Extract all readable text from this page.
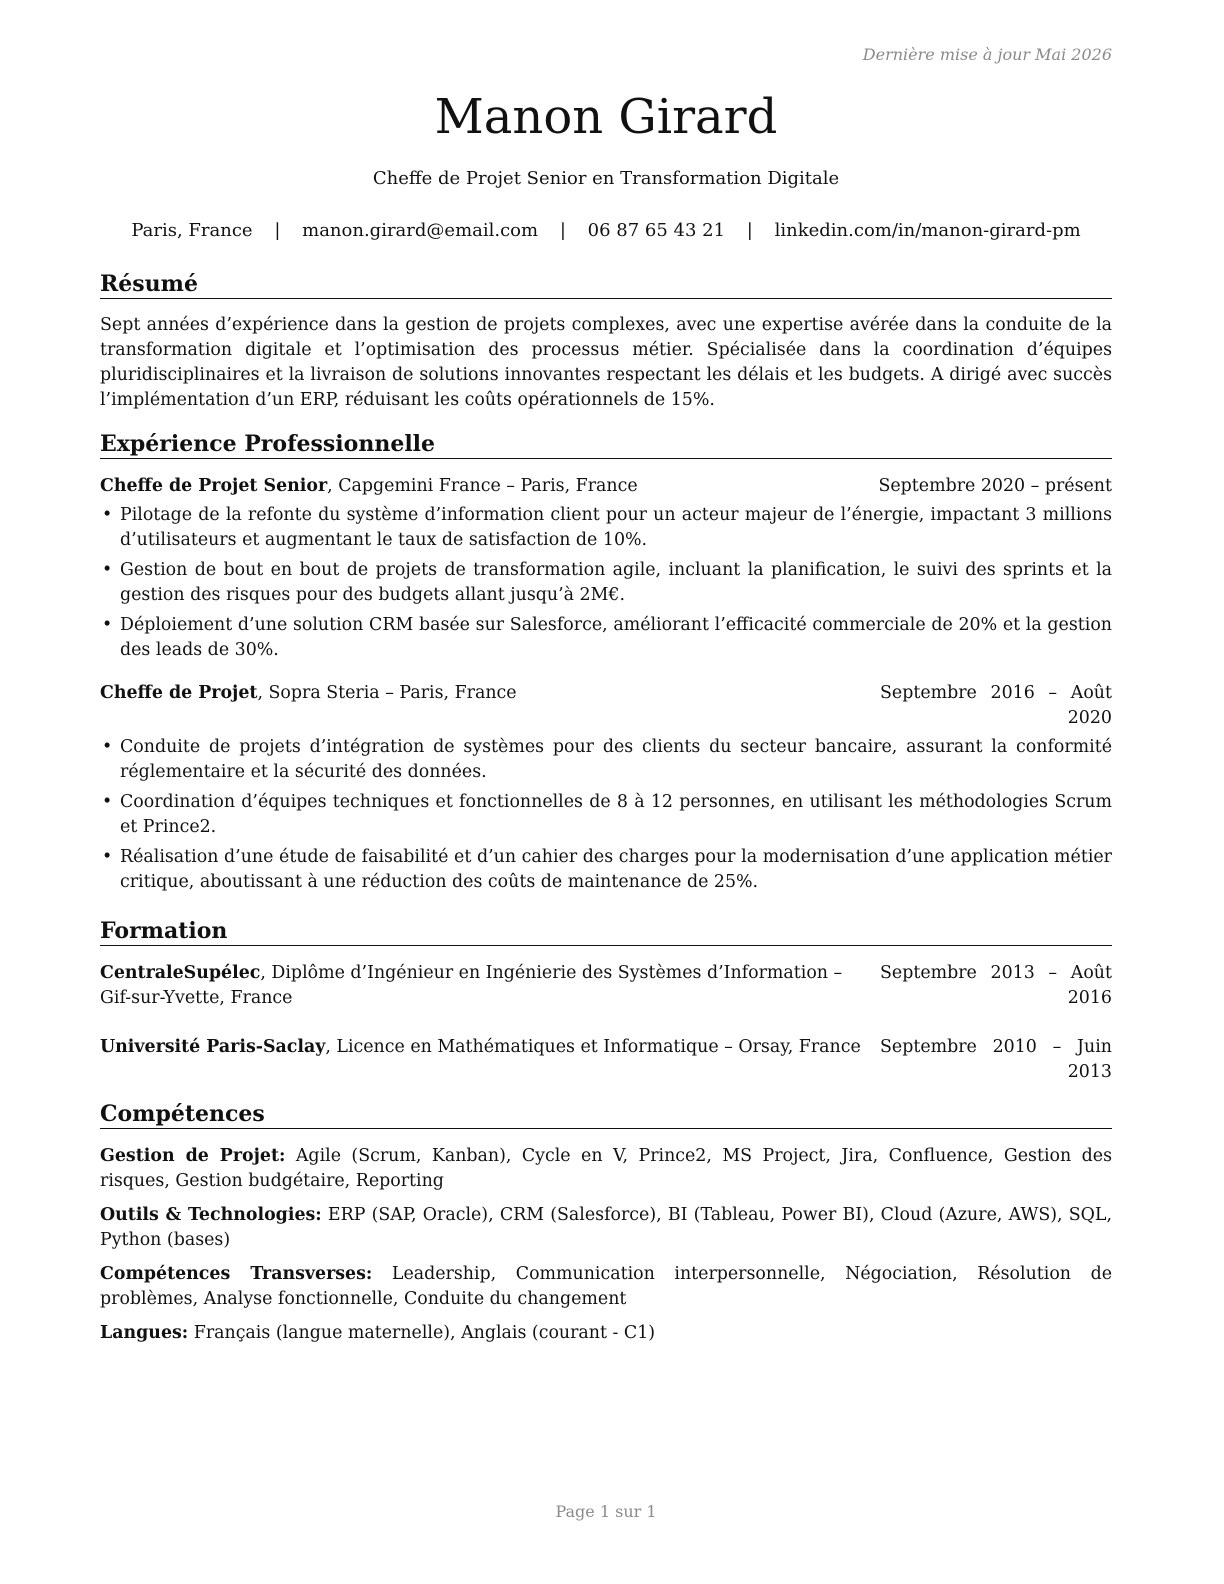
Dernière mise à jour Mai 2026
Manon Girard
Cheffe de Projet Senior en Transformation Digitale
Paris, France | manon.girard@email.com | 06 87 65 43 21 | linkedin.com/in/manon-girard-pm
Résumé

Sept années d’expérience dans la gestion de projets complexes, avec une expertise avérée dans la conduite de la transformation digitale et l’optimisation des processus métier. Spécialisée dans la coordination d’équipes pluridisciplinaires et la livraison de solutions innovantes respectant les délais et les budgets. A dirigé avec succès l’implémentation d’un ERP, réduisant les coûts opérationnels de 15%.

Expérience Professionnelle
Cheffe de Projet Senior, Capgemini France – Paris, France	Septembre 2020 – présent
• Pilotage de la refonte du système d’information client pour un acteur majeur de l’énergie, impactant 3 millions d’utilisateurs et augmentant le taux de satisfaction de 10%.
• Gestion de bout en bout de projets de transformation agile, incluant la planification, le suivi des sprints et la gestion des risques pour des budgets allant jusqu’à 2M€.
• Déploiement d’une solution CRM basée sur Salesforce, améliorant l’efficacité commerciale de 20% et la gestion des leads de 30%.
Cheffe de Projet, Sopra Steria – Paris, France	Septembre 2016 – Août 2020
• Conduite de projets d’intégration de systèmes pour des clients du secteur bancaire, assurant la conformité réglementaire et la sécurité des données.
• Coordination d’équipes techniques et fonctionnelles de 8 à 12 personnes, en utilisant les méthodologies Scrum et Prince2.
• Réalisation d’une étude de faisabilité et d’un cahier des charges pour la modernisation d’une application métier critique, aboutissant à une réduction des coûts de maintenance de 25%.
Formation
CentraleSupélec, Diplôme d’Ingénieur en Ingénierie des Systèmes d’Information – Gif-sur-Yvette, France
Septembre 2013 – Août 2016
Université Paris-Saclay, Licence en Mathématiques et Informatique – Orsay, France	Septembre 2010 – Juin 2013
Compétences
Gestion de Projet: Agile (Scrum, Kanban), Cycle en V, Prince2, MS Project, Jira, Confluence, Gestion des risques, Gestion budgétaire, Reporting
Outils & Technologies: ERP (SAP, Oracle), CRM (Salesforce), BI (Tableau, Power BI), Cloud (Azure, AWS), SQL, Python (bases)
Compétences Transverses: Leadership, Communication interpersonnelle, Négociation, Résolution de problèmes, Analyse fonctionnelle, Conduite du changement
Langues: Français (langue maternelle), Anglais (courant - C1)
Page 1 sur 1
